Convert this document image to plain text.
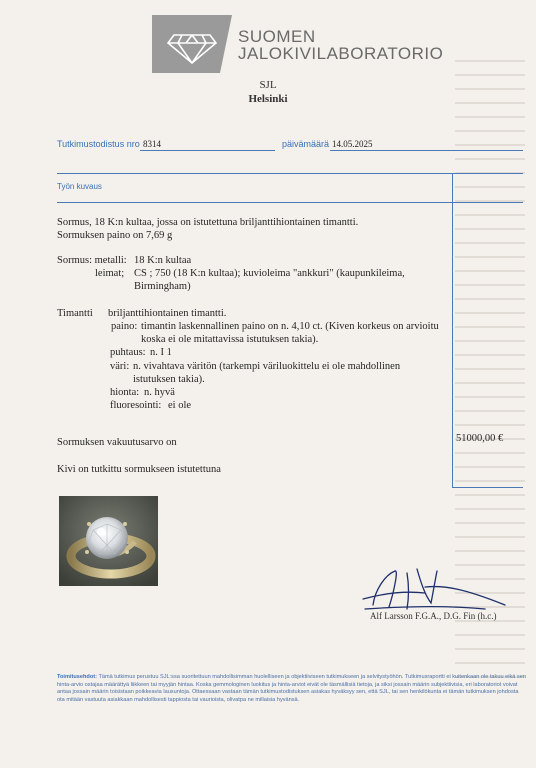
SUOMEN
JALOKIVILABORATORIO
SJL
Helsinki
Tutkimustodistus nro 8314	päivämäärä 14.05.2025
Työn kuvaus
Sormus, 18 K:n kultaa, jossa on istutettuna briljanttihiontainen timantti.
Sormuksen paino on 7,69 g
Sormus: metalli: 18 K:n kultaa
leimat; CS ; 750 (18 K:n kultaa); kuvioleima "ankkuri" (kaupunkileima,
Birmingham)
Timantti briljanttihiontainen timantti.
paino: timantin laskennallinen paino on n. 4,10 ct. (Kiven korkeus on arvioitu
koska ei ole mitattavissa istutuksen takia).
puhtaus: n. I 1
väri: n. vivahtava väritön (tarkempi väriluokittelu ei ole mahdollinen
istutuksen takia).
hionta: n. hyvä
fluoresointi: ei ole
Sormuksen vakuutusarvo on	51000,00 €
Kivi on tutkittu sormukseen istutettuna
Alf Larsson F.G.A., D.G. Fin (h.c.)
Toimitusehdot: Tämä tutkimus perustuu SJL:ssa suoritettuun mahdollisimman huolelliseen ja objektiiviseen tutkimukseen ja selvitystyöhön. Tutkimusraportti ei kuitenkaan ole takuu eikä sen hinta-arvio ostajaa määrättyä liikkeen tai myyjän hintaa. Koska gemmologinen luokitus ja hinta-arviot eivät ole täsmällisiä tietoja, ja siksi jossain määrin subjektiivisia, eri laboratoriot voivat antaa jossain määrin toisistaan poikkeavia lausuntoja. Ottaessaan vastaan tämän tutkimustodistuksen asiakas hyväksyy sen, että SJL, tai sen henkilökunta ei tämän tutkimuksen johdosta ota mitään vastuuta asiakkaan mahdollisesti tappiosta tai vaurioista, olivatpa ne millaisia hyvänsä.
